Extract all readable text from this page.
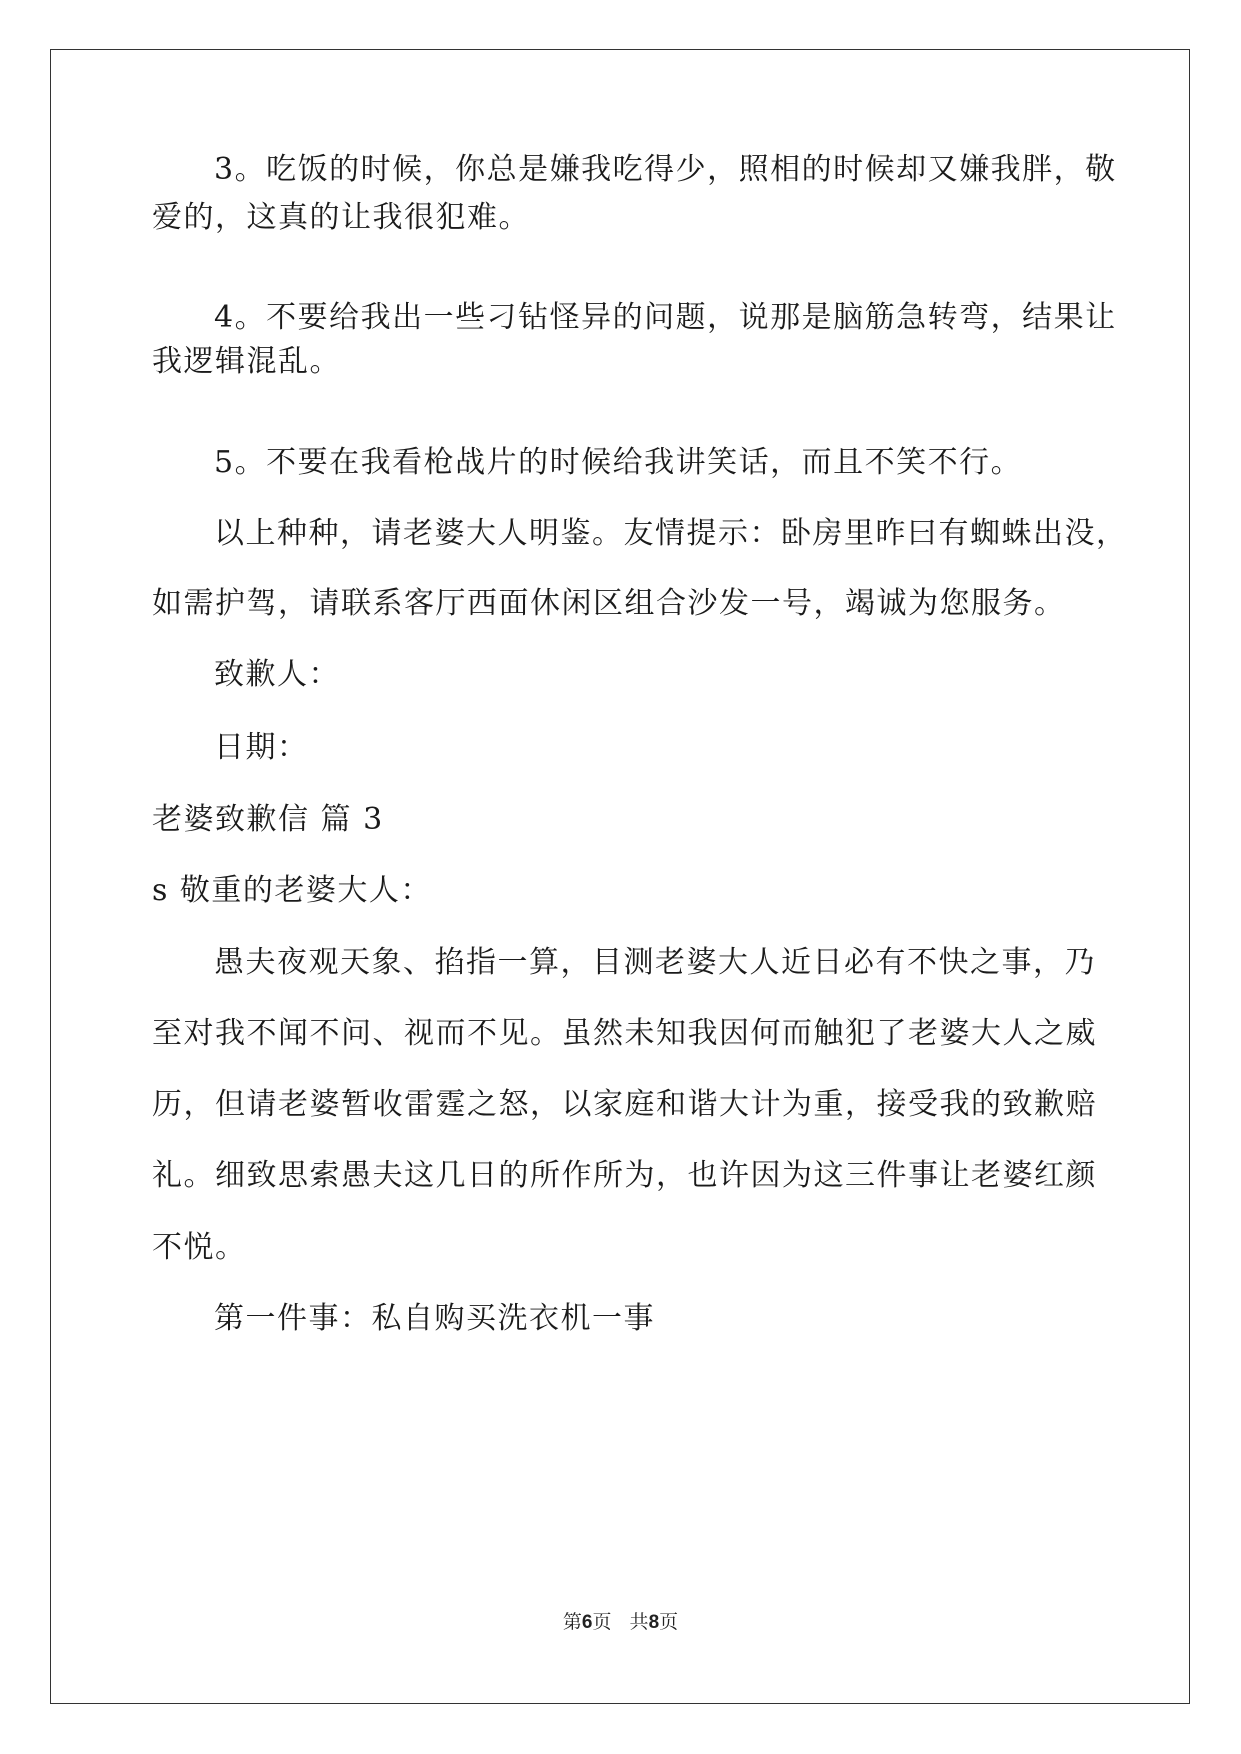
3。吃饭的时候，你总是嫌我吃得少，照相的时候却又嫌我胖，敬
爱的，这真的让我很犯难。
4。不要给我出一些刁钻怪异的问题，说那是脑筋急转弯，结果让
我逻辑混乱。
5。不要在我看枪战片的时候给我讲笑话，而且不笑不行。
以上种种，请老婆大人明鉴。友情提示：卧房里昨曰有蜘蛛出没，
如需护驾，请联系客厅西面休闲区组合沙发一号，竭诚为您服务。
致歉人：
日期：
老婆致歉信 篇 3
s 敬重的老婆大人：
愚夫夜观天象、掐指一算，目测老婆大人近日必有不快之事，乃
至对我不闻不问、视而不见。虽然未知我因何而触犯了老婆大人之威
历，但请老婆暂收雷霆之怒，以家庭和谐大计为重，接受我的致歉赔
礼。细致思索愚夫这几日的所作所为，也许因为这三件事让老婆红颜
不悦。
第一件事：私自购买洗衣机一事
第6页   共8页
